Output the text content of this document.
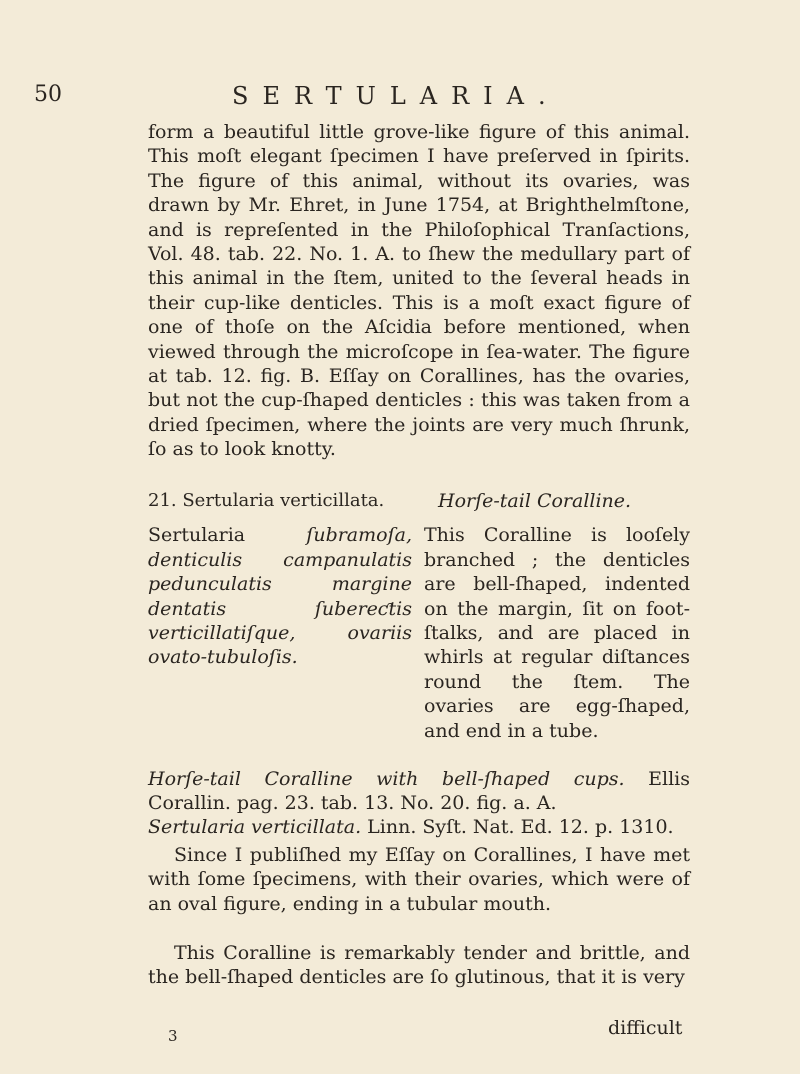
50	SERTULARIA.

form a beautiful little grove-like figure of this animal. This moſt elegant ſpecimen I have preſerved in ſpirits. The figure of this animal, without its ovaries, was drawn by Mr. Ehret, in June 1754, at Brighthelmſtone, and is repreſented in the Philoſophical Tranſactions, Vol. 48. tab. 22. No. 1. A. to ſhew the medullary part of this animal in the ſtem, united to the ſeveral heads in their cup-like denticles. This is a moſt exact figure of one of thoſe on the Aſcidia before mentioned, when viewed through the microſcope in ſea-water. The figure at tab. 12. fig. B. Eſſay on Corallines, has the ovaries, but not the cup-ſhaped denticles : this was taken from a dried ſpecimen, where the joints are very much ſhrunk, ſo as to look knotty.

21. Sertularia verticillata.

Sertularia	ſubramoſa, denticulis campanulatis pedunculatis margine dentatis ſubereƈtis verticillatiſque, ovariis ovato-tubuloſis.

Horſe-tail Coralline.

This Coralline is looſely branched ; the denticles are bell-ſhaped, indented on the margin, ſit on foot-ſtalks, and are placed in whirls at regular diſtances round the ſtem. The ovaries are egg-ſhaped, and end in a tube.

Horſe-tail Coralline with bell-ſhaped cups. Ellis Corallin. pag. 23. tab. 13. No. 20. fig. a. A.

Sertularia verticillata. Linn. Syſt. Nat. Ed. 12. p. 1310.

Since I publiſhed my Eſſay on Corallines, I have met with ſome ſpecimens, with their ovaries, which were of an oval figure, ending in a tubular mouth.

This Coralline is remarkably tender and brittle, and the bell-ſhaped denticles are ſo glutinous, that it is very

3	difficult
